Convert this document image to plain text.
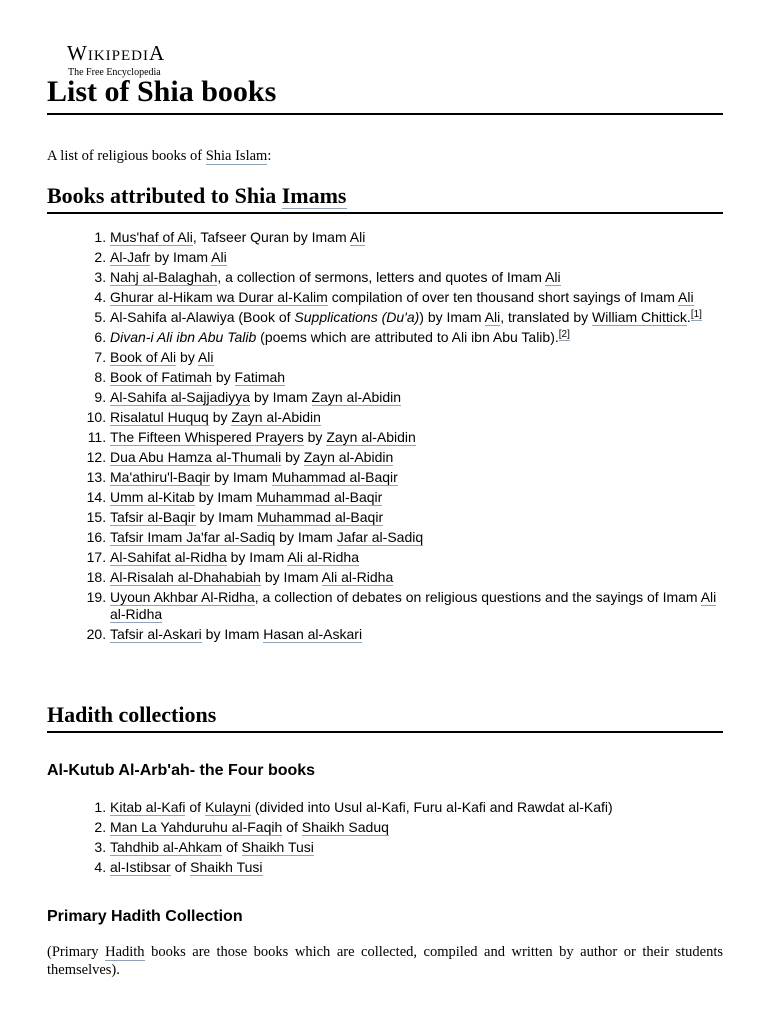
WIKIPEDIA
The Free Encyclopedia
List of Shia books

A list of religious books of Shia Islam:

Books attributed to Shia Imams
1. Mus'haf of Ali, Tafseer Quran by Imam Ali
2. Al-Jafr by Imam Ali
3. Nahj al-Balaghah, a collection of sermons, letters and quotes of Imam Ali
4. Ghurar al-Hikam wa Durar al-Kalim compilation of over ten thousand short sayings of Imam Ali
5. Al-Sahifa al-Alawiya (Book of Supplications (Du'a)) by Imam Ali, translated by William Chittick.[1]
6. Divan-i Ali ibn Abu Talib (poems which are attributed to Ali ibn Abu Talib).[2]
7. Book of Ali by Ali
8. Book of Fatimah by Fatimah
9. Al-Sahifa al-Sajjadiyya by Imam Zayn al-Abidin
10. Risalatul Huquq by Zayn al-Abidin
11. The Fifteen Whispered Prayers by Zayn al-Abidin
12. Dua Abu Hamza al-Thumali by Zayn al-Abidin
13. Ma'athiru'l-Baqir by Imam Muhammad al-Baqir
14. Umm al-Kitab by Imam Muhammad al-Baqir
15. Tafsir al-Baqir by Imam Muhammad al-Baqir
16. Tafsir Imam Ja'far al-Sadiq by Imam Jafar al-Sadiq
17. Al-Sahifat al-Ridha by Imam Ali al-Ridha
18. Al-Risalah al-Dhahabiah by Imam Ali al-Ridha
19. Uyoun Akhbar Al-Ridha, a collection of debates on religious questions and the sayings of Imam Ali al-Ridha
20. Tafsir al-Askari by Imam Hasan al-Askari
Hadith collections
Al-Kutub Al-Arb'ah- the Four books
1. Kitab al-Kafi of Kulayni (divided into Usul al-Kafi, Furu al-Kafi and Rawdat al-Kafi)
2. Man La Yahduruhu al-Faqih of Shaikh Saduq
3. Tahdhib al-Ahkam of Shaikh Tusi
4. al-Istibsar of Shaikh Tusi
Primary Hadith Collection

(Primary Hadith books are those books which are collected, compiled and written by author or their students themselves).
